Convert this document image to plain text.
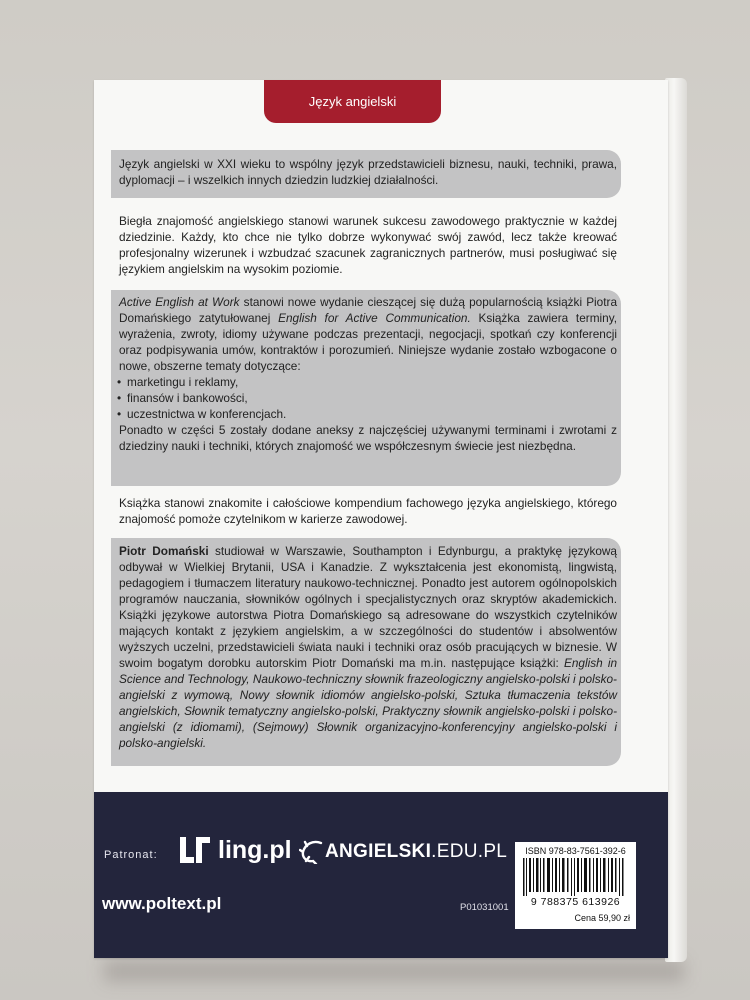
Język angielski

Język angielski w XXI wieku to wspólny język przedstawicieli biznesu, nauki, techniki, prawa, dyplomacji – i wszelkich innych dziedzin ludzkiej działalności.

Biegła znajomość angielskiego stanowi warunek sukcesu zawodowego praktycznie w każdej dziedzinie. Każdy, kto chce nie tylko dobrze wykonywać swój zawód, lecz także kreować profesjonalny wizerunek i wzbudzać szacunek zagranicznych partnerów, musi posługiwać się językiem angielskim na wysokim poziomie.

Active English at Work stanowi nowe wydanie cieszącej się dużą popularnością książki Piotra Domańskiego zatytułowanej English for Active Communication. Książka zawiera terminy, wyrażenia, zwroty, idiomy używane podczas prezentacji, negocjacji, spotkań czy konferencji oraz podpisywania umów, kontraktów i porozumień. Niniejsze wydanie zostało wzbogacone o nowe, obszerne tematy dotyczące:

• marketingu i reklamy,
• finansów i bankowości,
• uczestnictwa w konferencjach.

Ponadto w części 5 zostały dodane aneksy z najczęściej używanymi terminami i zwrotami z dziedziny nauki i techniki, których znajomość we współczesnym świecie jest niezbędna.

Książka stanowi znakomite i całościowe kompendium fachowego języka angielskiego, którego znajomość pomoże czytelnikom w karierze zawodowej.

Piotr Domański studiował w Warszawie, Southampton i Edynburgu, a praktykę językową odbywał w Wielkiej Brytanii, USA i Kanadzie. Z wykształcenia jest ekonomistą, lingwistą, pedagogiem i tłumaczem literatury naukowo-technicznej. Ponadto jest autorem ogólnopolskich programów nauczania, słowników ogólnych i specjalistycznych oraz skryptów akademickich. Książki językowe autorstwa Piotra Domańskiego są adresowane do wszystkich czytelników mających kontakt z językiem angielskim, a w szczególności do studentów i absolwentów wyższych uczelni, przedstawicieli świata nauki i techniki oraz osób pracujących w biznesie. W swoim bogatym dorobku autorskim Piotr Domański ma m.in. następujące książki: English in Science and Technology, Naukowo-techniczny słownik frazeologiczny angielsko-polski i polsko-angielski z wymową, Nowy słownik idiomów angielsko-polski, Sztuka tłumaczenia tekstów angielskich, Słownik tematyczny angielsko-polski, Praktyczny słownik angielsko-polski i polsko-angielski (z idiomami), (Sejmowy) Słownik organizacyjno-konferencyjny angielsko-polski i polsko-angielski.

Patronat: ling.pl ANGIELSKI.EDU.PL
www.poltext.pl	P01031001
ISBN 978-83-7561-392-6
9 788375 613926
Cena 59,90 zł
